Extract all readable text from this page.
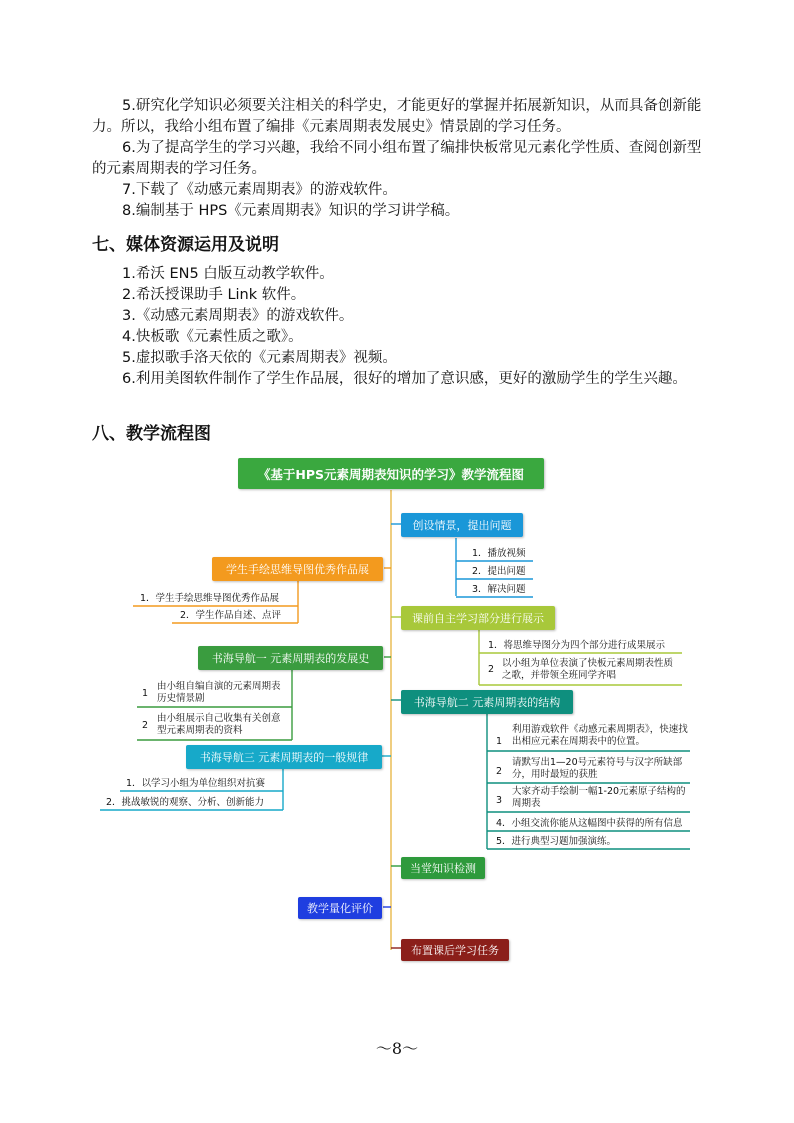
5.研究化学知识必须要关注相关的科学史，才能更好的掌握并拓展新知识，从而具备创新能力。所以，我给小组布置了编排《元素周期表发展史》情景剧的学习任务。

6.为了提高学生的学习兴趣，我给不同小组布置了编排快板常见元素化学性质、查阅创新型的元素周期表的学习任务。

7.下载了《动感元素周期表》的游戏软件。

8.编制基于 HPS《元素周期表》知识的学习讲学稿。

七、媒体资源运用及说明

1.希沃 EN5 白版互动教学软件。

2.希沃授课助手 Link 软件。

3.《动感元素周期表》的游戏软件。

4.快板歌《元素性质之歌》。

5.虚拟歌手洛天依的《元素周期表》视频。

6.利用美图软件制作了学生作品展，很好的增加了意识感，更好的激励学生的学生兴趣。

八、教学流程图
《基于HPS元素周期表知识的学习》教学流程图
创设情景，提出问题
1．播放视频
2．提出问题
3．解决问题
课前自主学习部分进行展示
1．将思维导图分为四个部分进行成果展示
2
以小组为单位表演了快板元素周期表性质之歌，并带领全班同学齐唱
书海导航二 元素周期表的结构
1
利用游戏软件《动感元素周期表》，快速找出相应元素在周期表中的位置。
2
请默写出1—20号元素符号与汉字所缺部分，用时最短的获胜
3
大家齐动手绘制一幅1-20元素原子结构的周期表
4．小组交流你能从这幅图中获得的所有信息
5．进行典型习题加强演练。
当堂知识检测
布置课后学习任务
学生手绘思维导图优秀作品展
1．学生手绘思维导图优秀作品展
2．学生作品自述、点评
书海导航一 元素周期表的发展史
1
由小组自编自演的元素周期表历史情景剧
2
由小组展示自己收集有关创意型元素周期表的资料
书海导航三 元素周期表的一般规律
1．以学习小组为单位组织对抗赛
2．挑战敏锐的观察、分析、创新能力
教学量化评价
～8～
